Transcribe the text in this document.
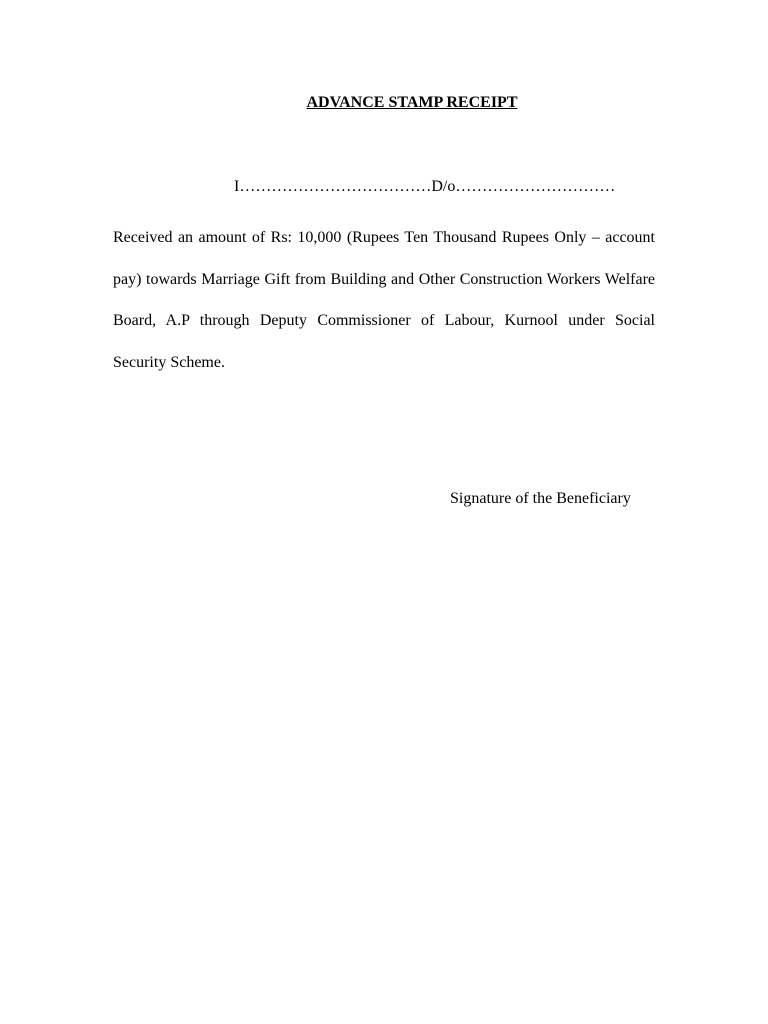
ADVANCE STAMP RECEIPT
I………………………………D/o…………………………

Received an amount of Rs: 10,000 (Rupees Ten Thousand Rupees Only – account pay) towards Marriage Gift from Building and Other Construction Workers Welfare Board, A.P through Deputy Commissioner of Labour, Kurnool under Social Security Scheme.

Signature of the Beneficiary
